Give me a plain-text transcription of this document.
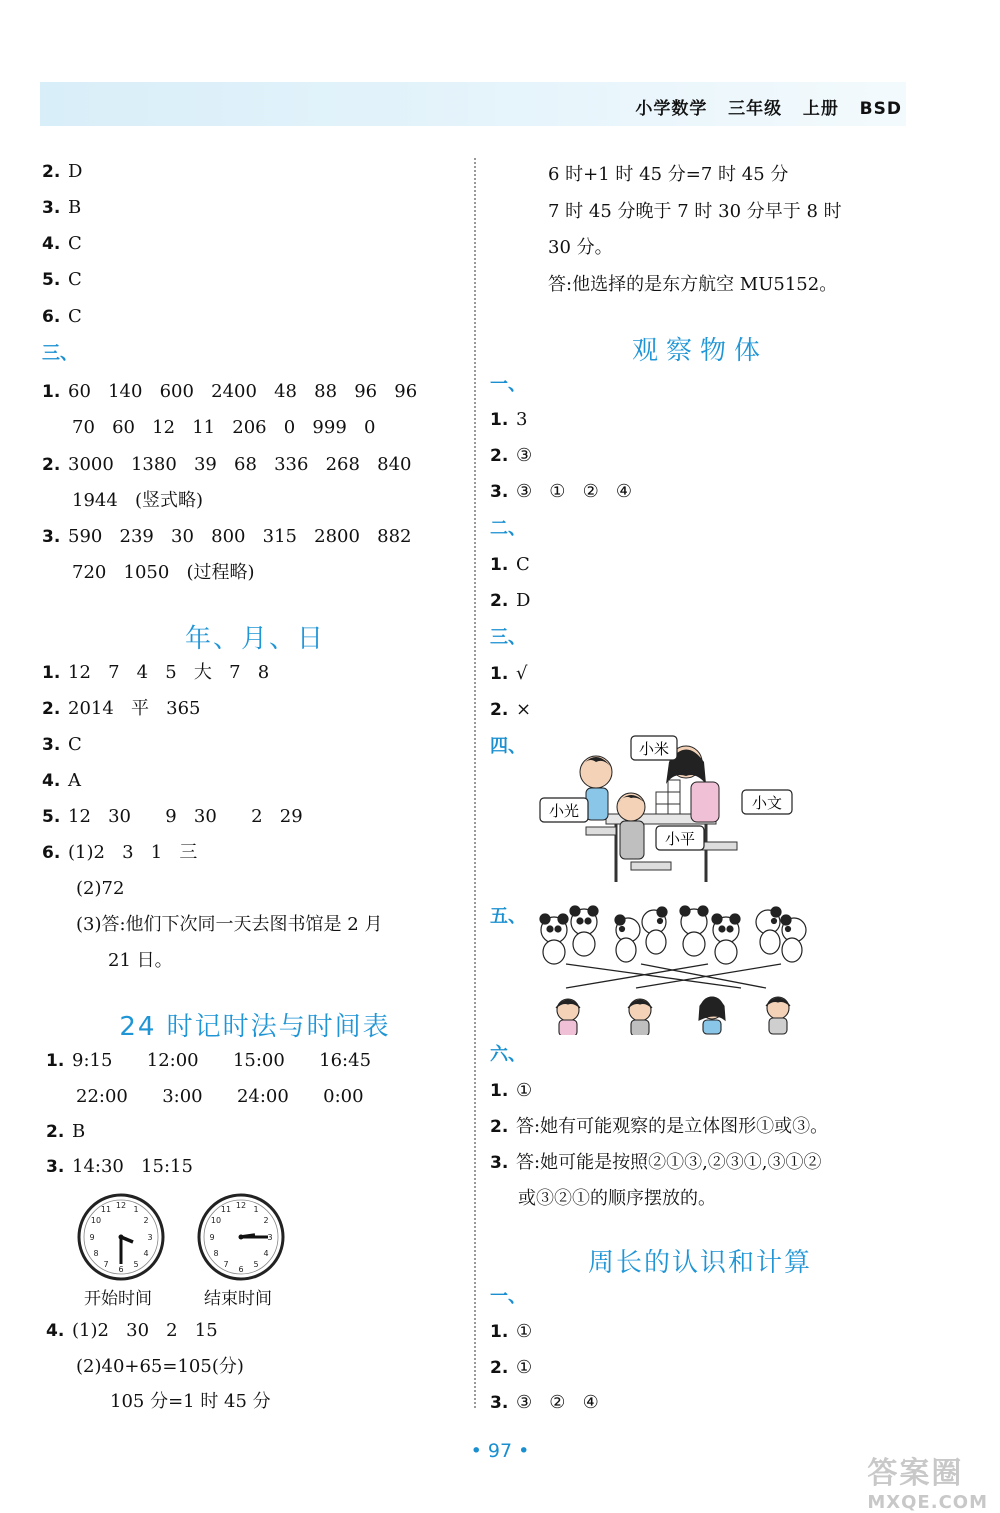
小学数学   三年级   上册   BSD
2. D
3. B
4. C
5. C
6. C
三、
1. 60   140   600   2400   48   88   96   96
70   60   12   11   206   0   999   0
2. 3000   1380   39   68   336   268   840
1944   (竖式略)
3. 590   239   30   800   315   2800   882
720   1050   (过程略)
年、月、日
1. 12   7   4   5   大   7   8
2. 2014   平   365
3. C
4. A
5. 12   30      9   30      2   29
6. (1)2   3   1   三
(2)72
(3)答:他们下次同一天去图书馆是 2 月
21 日。
24 时记时法与时间表
1. 9:15      12:00      15:00      16:45
22:00      3:00      24:00      0:00
2. B
3. 14:30   15:15
12 1
2
3
4
5
6
7
8
9
10
11	12 1
2
3
4
5
6
7
8
9
10
11
开始时间	结束时间
4. (1)2   30   2   15
(2)40+65=105(分)
105 分=1 时 45 分
6 时+1 时 45 分=7 时 45 分
7 时 45 分晚于 7 时 30 分早于 8 时
30 分。
答:他选择的是东方航空 MU5152。
观察物体
一、
1. 3
2. ③
3. ③   ①   ②   ④
二、
1. C
2. D
三、
1. √
2. ×
四、	小米
小光	小文
小平
五、
六、
1. ①
2. 答:她有可能观察的是立体图形①或③。
3. 答:她可能是按照②①③,②③①,③①②
或③②①的顺序摆放的。
周长的认识和计算
一、
1. ①
2. ①
3. ③   ②   ④
• 97 •
答案圈
MXQE.COM
